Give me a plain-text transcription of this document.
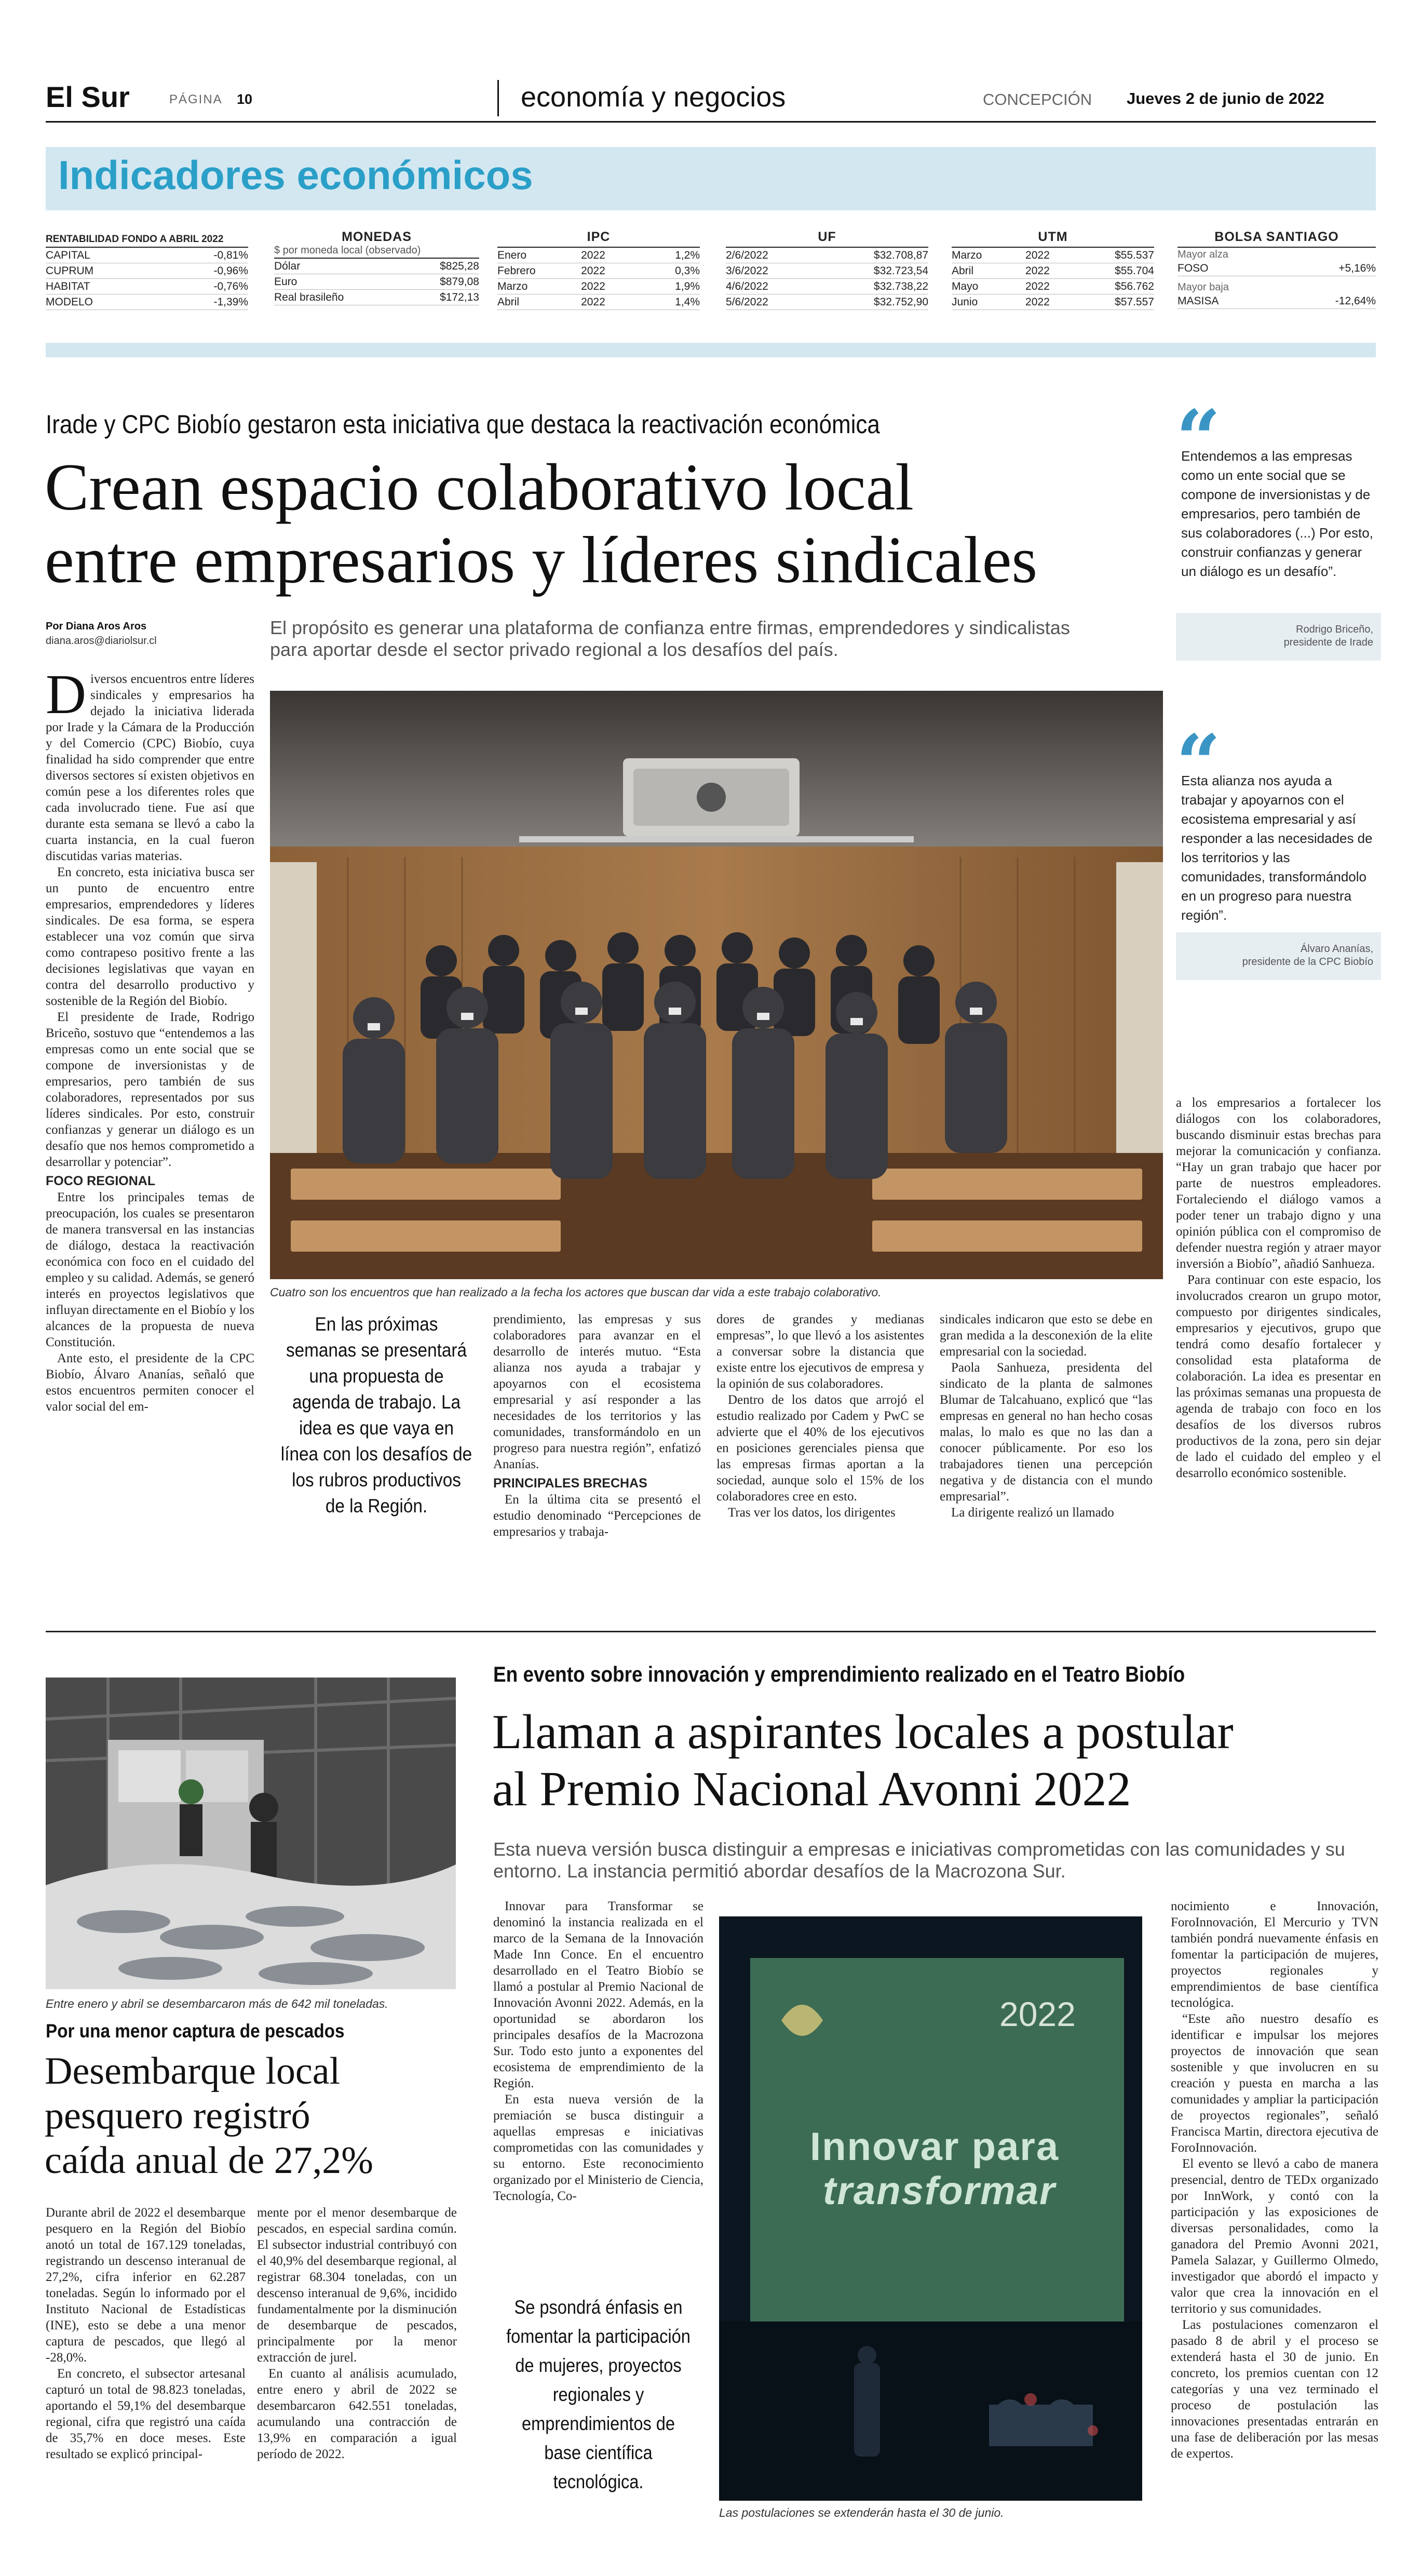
El Sur	PÁGINA 10	economía y negocios	CONCEPCIÓN Jueves 2 de junio de 2022
Indicadores económicos
RENTABILIDAD FONDO A ABRIL 2022
CAPITAL	-0,81%
CUPRUM	-0,96%
HABITAT	-0,76%
MODELO	-1,39%
MONEDAS
$ por moneda local (observado)
Dólar	$825,28
Euro	$879,08
Real brasileño	$172,13
IPC
Enero	2022	1,2%
Febrero	2022	0,3%
Marzo	2022	1,9%
Abril	2022	1,4%
UF
2/6/2022	$32.708,87
3/6/2022	$32.723,54
4/6/2022	$32.738,22
5/6/2022	$32.752,90
UTM
Marzo	2022	$55.537
Abril	2022	$55.704
Mayo	2022	$56.762
Junio	2022	$57.557
BOLSA SANTIAGO
Mayor alza
FOSO	+5,16%
Mayor baja
MASISA	-12,64%
Irade y CPC Biobío gestaron esta iniciativa que destaca la reactivación económica
Crean espacio colaborativo local
entre empresarios y líderes sindicales
Por Diana Aros Aros
diana.aros@diariolsur.cl
El propósito es generar una plataforma de confianza entre firmas, emprendedores y sindicalistas para aportar desde el sector privado regional a los desafíos del país.

Diversos encuentros entre líderes sindicales y empresarios ha dejado la iniciativa liderada por Irade y la Cámara de la Producción y del Comercio (CPC) Biobío, cuya finalidad ha sido comprender que entre diversos sectores sí existen objetivos en común pese a los diferentes roles que cada involucrado tiene. Fue así que durante esta semana se llevó a cabo la cuarta instancia, en la cual fueron discutidas varias materias.

En concreto, esta iniciativa busca ser un punto de encuentro entre empresarios, emprendedores y líderes sindicales. De esa forma, se espera establecer una voz común que sirva como contrapeso positivo frente a las decisiones legislativas que vayan en contra del desarrollo productivo y sostenible de la Región del Biobío.

El presidente de Irade, Rodrigo Briceño, sostuvo que “entendemos a las empresas como un ente social que se compone de inversionistas y de empresarios, pero también de sus colaboradores, representados por sus líderes sindicales. Por esto, construir confianzas y generar un diálogo es un desafío que nos hemos comprometido a desarrollar y potenciar”.

FOCO REGIONAL

Entre los principales temas de preocupación, los cuales se presentaron de manera transversal en las instancias de diálogo, destaca la reactivación económica con foco en el cuidado del empleo y su calidad. Además, se generó interés en proyectos legislativos que influyan directamente en el Biobío y los alcances de la propuesta de nueva Constitución.

Ante esto, el presidente de la CPC Biobío, Álvaro Ananías, señaló que estos encuentros permiten conocer el valor social del em-

Cuatro son los encuentros que han realizado a la fecha los actores que buscan dar vida a este trabajo colaborativo.
En las próximas semanas se presentará una propuesta de agenda de trabajo. La idea es que vaya en línea con los desafíos de los rubros productivos de la Región.

prendimiento, las empresas y sus colaboradores para avanzar en el desarrollo de interés mutuo. “Esta alianza nos ayuda a trabajar y apoyarnos con el ecosistema empresarial y así responder a las necesidades de los territorios y las comunidades, transformándolo en un progreso para nuestra región”, enfatizó Ananías.

PRINCIPALES BRECHAS

En la última cita se presentó el estudio denominado “Percepciones de empresarios y trabaja-

dores de grandes y medianas empresas”, lo que llevó a los asistentes a conversar sobre la distancia que existe entre los ejecutivos de empresa y la opinión de sus colaboradores.

Dentro de los datos que arrojó el estudio realizado por Cadem y PwC se advierte que el 40% de los ejecutivos en posiciones gerenciales piensa que las empresas firmas aportan a la sociedad, aunque solo el 15% de los colaboradores cree en esto.

Tras ver los datos, los dirigentes

sindicales indicaron que esto se debe en gran medida a la desconexión de la elite empresarial con la sociedad.

Paola Sanhueza, presidenta del sindicato de la planta de salmones Blumar de Talcahuano, explicó que “las empresas en general no han hecho cosas malas, lo malo es que no las dan a conocer públicamente. Por eso los trabajadores tienen una percepción negativa y de distancia con el mundo empresarial”.

La dirigente realizó un llamado

a los empresarios a fortalecer los diálogos con los colaboradores, buscando disminuir estas brechas para mejorar la comunicación y confianza. “Hay un gran trabajo que hacer por parte de nuestros empleadores. Fortaleciendo el diálogo vamos a poder tener un trabajo digno y una opinión pública con el compromiso de defender nuestra región y atraer mayor inversión a Biobío”, añadió Sanhueza.

Para continuar con este espacio, los involucrados crearon un grupo motor, compuesto por dirigentes sindicales, empresarios y ejecutivos, grupo que tendrá como desafío fortalecer y consolidad esta plataforma de colaboración. La idea es presentar en las próximas semanas una propuesta de agenda de trabajo con foco en los desafíos de los diversos rubros productivos de la zona, pero sin dejar de lado el cuidado del empleo y el desarrollo económico sostenible.

“
Entendemos a las empresas como un ente social que se compone de inversionistas y de empresarios, pero también de sus colaboradores (...) Por esto, construir confianzas y generar un diálogo es un desafío”.
Rodrigo Briceño,
presidente de Irade
“
Esta alianza nos ayuda a trabajar y apoyarnos con el ecosistema empresarial y así responder a las necesidades de los territorios y las comunidades, transformándolo en un progreso para nuestra región”.
Álvaro Ananías,
presidente de la CPC Biobío
Entre enero y abril se desembarcaron más de 642 mil toneladas.
Por una menor captura de pescados
Desembarque local
pesquero registró
caída anual de 27,2%

Durante abril de 2022 el desembarque pesquero en la Región del Biobío anotó un total de 167.129 toneladas, registrando un descenso interanual de 27,2%, cifra inferior en 62.287 toneladas. Según lo informado por el Instituto Nacional de Estadísticas (INE), esto se debe a una menor captura de pescados, que llegó al -28,0%.

En concreto, el subsector artesanal capturó un total de 98.823 toneladas, aportando el 59,1% del desembarque regional, cifra que registró una caída de 35,7% en doce meses. Este resultado se explicó principal-

mente por el menor desembarque de pescados, en especial sardina común. El subsector industrial contribuyó con el 40,9% del desembarque regional, al registrar 68.304 toneladas, con un descenso interanual de 9,6%, incidido fundamentalmente por la disminución de desembarque de pescados, principalmente por la menor extracción de jurel.

En cuanto al análisis acumulado, entre enero y abril de 2022 se desembarcaron 642.551 toneladas, acumulando una contracción de 13,9% en comparación a igual período de 2022.

En evento sobre innovación y emprendimiento realizado en el Teatro Biobío
Llaman a aspirantes locales a postular
al Premio Nacional Avonni 2022
Esta nueva versión busca distinguir a empresas e iniciativas comprometidas con las comunidades y su entorno. La instancia permitió abordar desafíos de la Macrozona Sur.

Innovar para Transformar se denominó la instancia realizada en el marco de la Semana de la Innovación Made Inn Conce. En el encuentro desarrollado en el Teatro Biobío se llamó a postular al Premio Nacional de Innovación Avonni 2022. Además, en la oportunidad se abordaron los principales desafíos de la Macrozona Sur. Todo esto junto a exponentes del ecosistema de emprendimiento de la Región.

En esta nueva versión de la premiación se busca distinguir a aquellas empresas e iniciativas comprometidas con las comunidades y su entorno. Este reconocimiento organizado por el Ministerio de Ciencia, Tecnología, Co-

Se psondrá énfasis en fomentar la participación de mujeres, proyectos regionales y emprendimientos de base científica tecnológica.
2022
Innovar para
transformar
Las postulaciones se extenderán hasta el 30 de junio.

nocimiento e Innovación, ForoInnovación, El Mercurio y TVN también pondrá nuevamente énfasis en fomentar la participación de mujeres, proyectos regionales y emprendimientos de base científica tecnológica.

“Este año nuestro desafío es identificar e impulsar los mejores proyectos de innovación que sean sostenible y que involucren en su creación y puesta en marcha a las comunidades y ampliar la participación de proyectos regionales”, señaló Francisca Martin, directora ejecutiva de ForoInnovación.

El evento se llevó a cabo de manera presencial, dentro de TEDx organizado por InnWork, y contó con la participación y las exposiciones de diversas personalidades, como la ganadora del Premio Avonni 2021, Pamela Salazar, y Guillermo Olmedo, investigador que abordó el impacto y valor que crea la innovación en el territorio y sus comunidades.

Las postulaciones comenzaron el pasado 8 de abril y el proceso se extenderá hasta el 30 de junio. En concreto, los premios cuentan con 12 categorías y una vez terminado el proceso de postulación las innovaciones presentadas entrarán en una fase de deliberación por las mesas de expertos.
